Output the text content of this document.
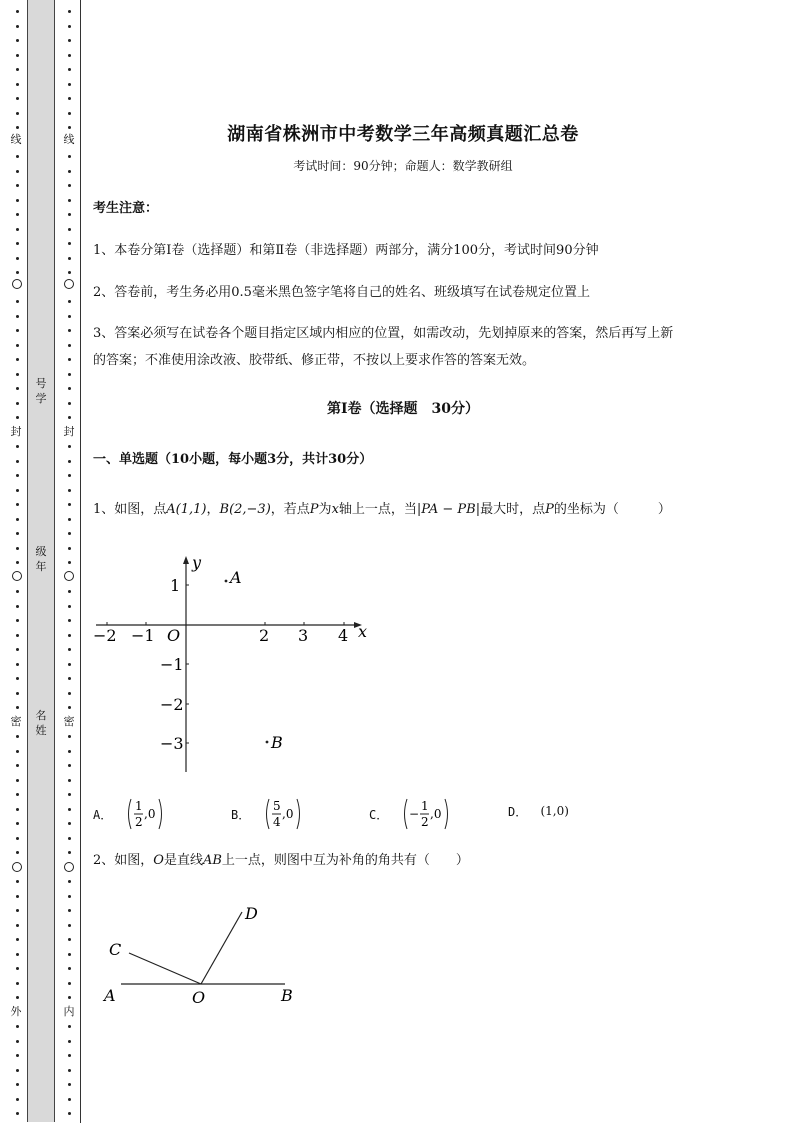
线
封
密
外
线
封
密
内
号学
级年
名姓
湖南省株洲市中考数学三年高频真题汇总卷
考试时间：90分钟；命题人：数学教研组
考生注意：
1、本卷分第I卷（选择题）和第Ⅱ卷（非选择题）两部分，满分100分，考试时间90分钟
2、答卷前，考生务必用0.5毫米黑色签字笔将自己的姓名、班级填写在试卷规定位置上
3、答案必须写在试卷各个题目指定区域内相应的位置，如需改动，先划掉原来的答案，然后再写上新
的答案；不准使用涂改液、胶带纸、修正带，不按以上要求作答的答案无效。
第I卷（选择题　30分）
一、单选题（10小题，每小题3分，共计30分）
1、如图，点A(1,1)，B(2,−3)，若点P为x轴上一点，当|PA − PB|最大时，点P的坐标为（　　　）
−2 −1 O	2 3 4 x
y
1
−1
−2
−3
A
B
A．
1
2
,0	B．
5
4
,0	C． −
1
2
,0	D． (1,0)
2、如图，O是直线AB上一点，则图中互为补角的角共有（　　）
A	B
C
D
O
